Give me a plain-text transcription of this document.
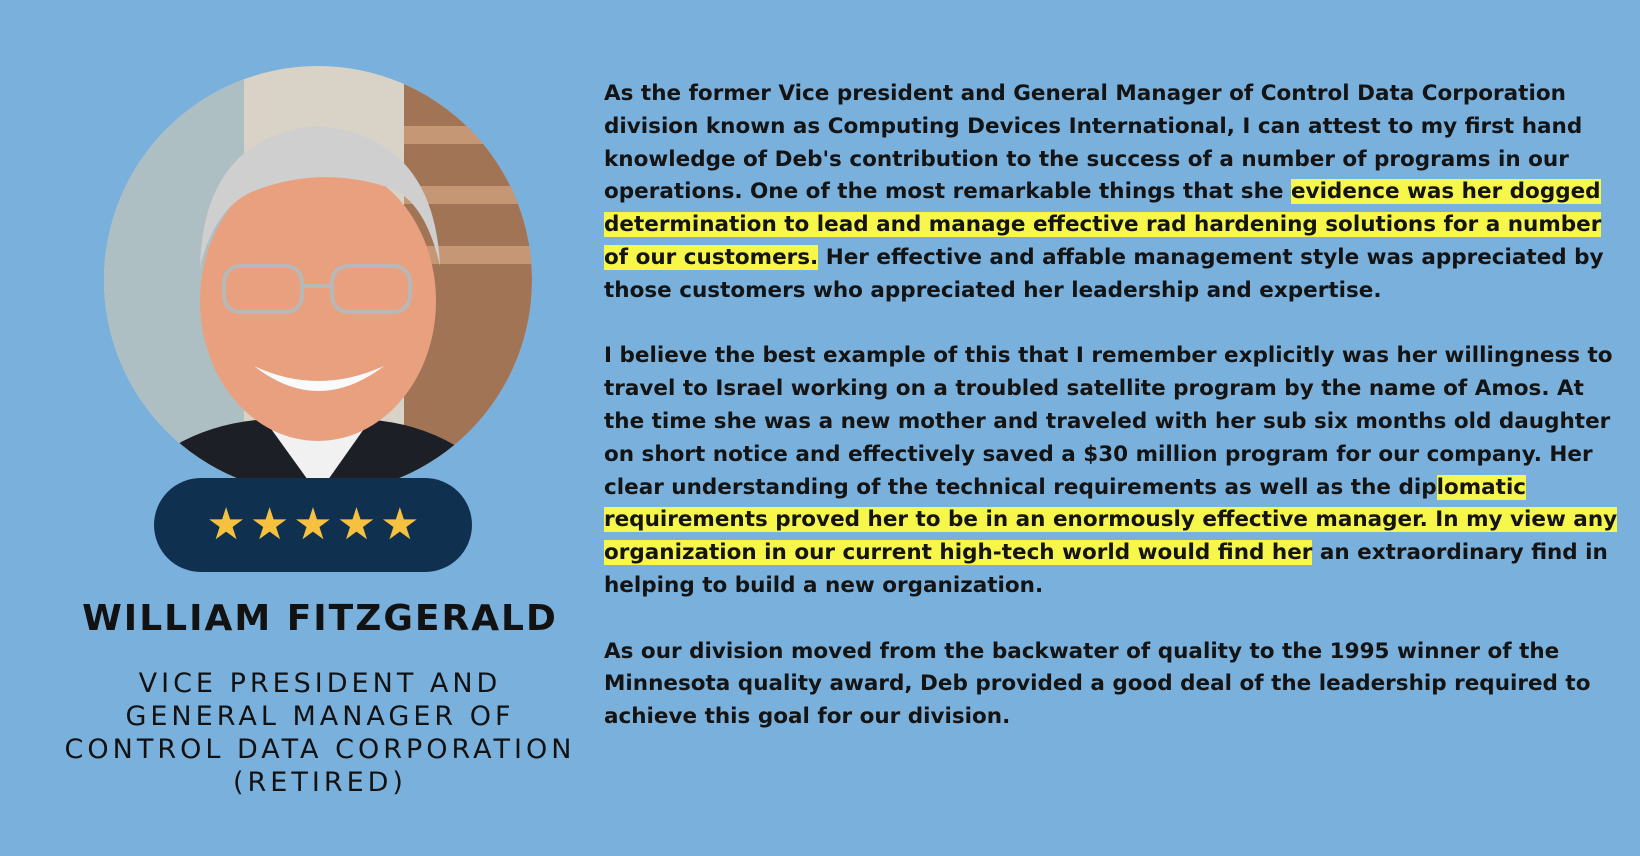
★ ★ ★ ★ ★
WILLIAM FITZGERALD
VICE PRESIDENT AND GENERAL MANAGER OF CONTROL DATA CORPORATION (RETIRED)

As the former Vice president and General Manager of Control Data Corporation division known as Computing Devices International, I can attest to my first hand knowledge of Deb's contribution to the success of a number of programs in our operations. One of the most remarkable things that she evidence was her dogged determination to lead and manage effective rad hardening solutions for a number of our customers. Her effective and affable management style was appreciated by those customers who appreciated her leadership and expertise.

I believe the best example of this that I remember explicitly was her willingness to travel to Israel working on a troubled satellite program by the name of Amos. At the time she was a new mother and traveled with her sub six months old daughter on short notice and effectively saved a $30 million program for our company. Her clear understanding of the technical requirements as well as the diplomatic requirements proved her to be in an enormously effective manager. In my view any organization in our current high-tech world would find her an extraordinary find in helping to build a new organization.

As our division moved from the backwater of quality to the 1995 winner of the Minnesota quality award, Deb provided a good deal of the leadership required to achieve this goal for our division.
